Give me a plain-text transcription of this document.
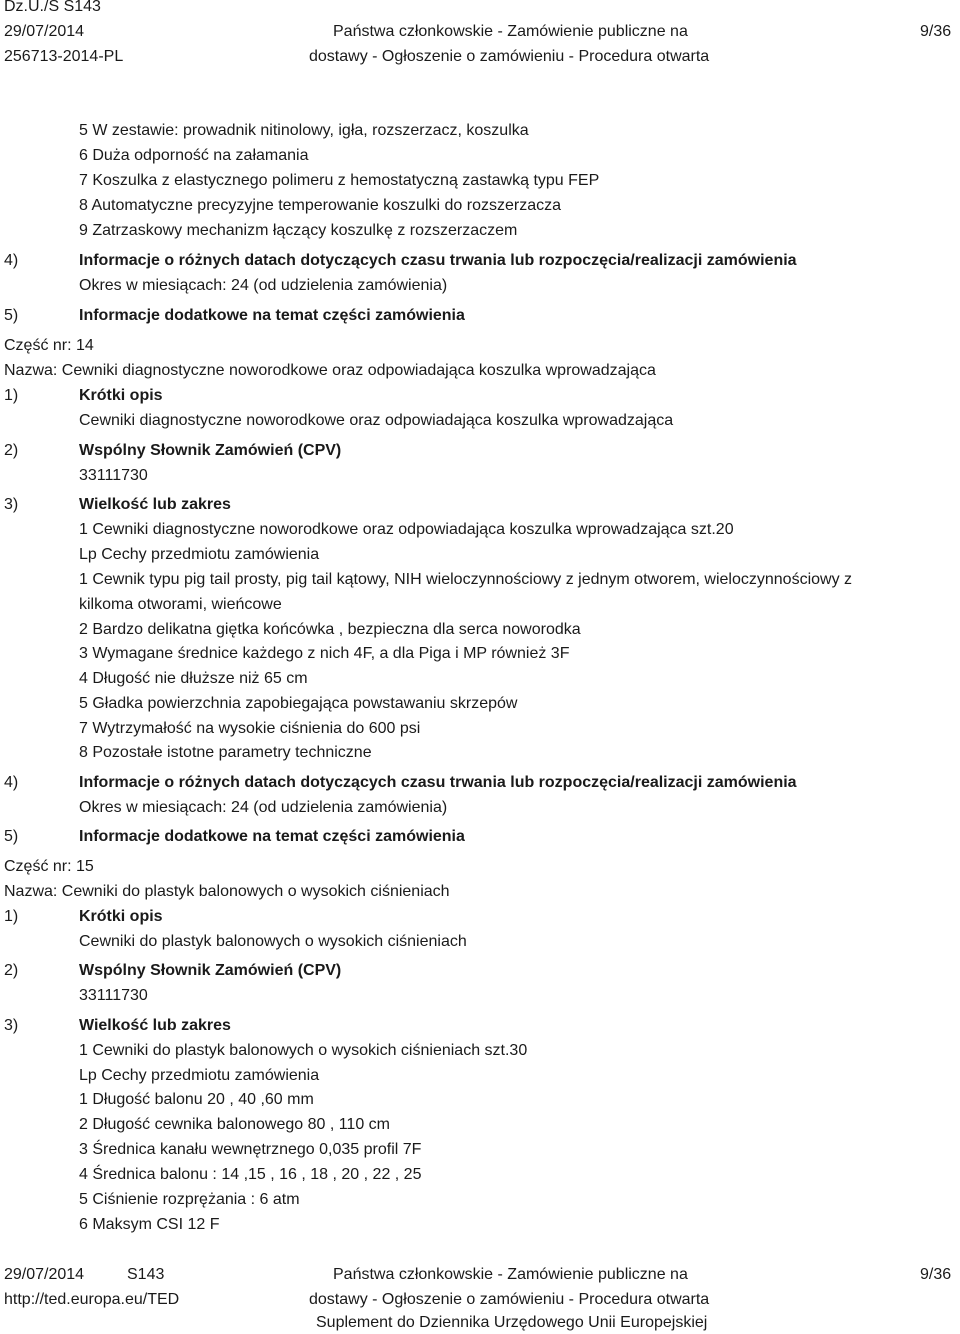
Dz.U./S S143
29/07/2014
256713-2014-PL
Państwa członkowskie - Zamówienie publiczne na
dostawy - Ogłoszenie o zamówieniu - Procedura otwarta
9/36
5 W zestawie: prowadnik nitinolowy, igła, rozszerzacz, koszulka
6 Duża odporność na załamania
7 Koszulka z elastycznego polimeru z hemostatyczną zastawką typu FEP
8 Automatyczne precyzyjne temperowanie koszulki do rozszerzacza
9 Zatrzaskowy mechanizm łączący koszulkę z rozszerzaczem
4)	Informacje o różnych datach dotyczących czasu trwania lub rozpoczęcia/realizacji zamówienia
Okres w miesiącach: 24 (od udzielenia zamówienia)
5)	Informacje dodatkowe na temat części zamówienia
Część nr: 14
Nazwa: Cewniki diagnostyczne noworodkowe oraz odpowiadająca koszulka wprowadzająca
1)	Krótki opis
Cewniki diagnostyczne noworodkowe oraz odpowiadająca koszulka wprowadzająca
2)	Wspólny Słownik Zamówień (CPV)
33111730
3)	Wielkość lub zakres
1 Cewniki diagnostyczne noworodkowe oraz odpowiadająca koszulka wprowadzająca szt.20
Lp Cechy przedmiotu zamówienia
1 Cewnik typu pig tail prosty, pig tail kątowy, NIH wieloczynnościowy z jednym otworem, wieloczynnościowy z
kilkoma otworami, wieńcowe
2 Bardzo delikatna giętka końcówka , bezpieczna dla serca noworodka
3 Wymagane średnice każdego z nich 4F, a dla Piga i MP również 3F
4 Długość nie dłuższe niż 65 cm
5 Gładka powierzchnia zapobiegająca powstawaniu skrzepów
7 Wytrzymałość na wysokie ciśnienia do 600 psi
8 Pozostałe istotne parametry techniczne
4)	Informacje o różnych datach dotyczących czasu trwania lub rozpoczęcia/realizacji zamówienia
Okres w miesiącach: 24 (od udzielenia zamówienia)
5)	Informacje dodatkowe na temat części zamówienia
Część nr: 15
Nazwa: Cewniki do plastyk balonowych o wysokich ciśnieniach
1)	Krótki opis
Cewniki do plastyk balonowych o wysokich ciśnieniach
2)	Wspólny Słownik Zamówień (CPV)
33111730
3)	Wielkość lub zakres
1 Cewniki do plastyk balonowych o wysokich ciśnieniach szt.30
Lp Cechy przedmiotu zamówienia
1 Długość balonu 20 , 40 ,60 mm
2 Długość cewnika balonowego 80 , 110 cm
3 Średnica kanału wewnętrznego 0,035 profil 7F
4 Średnica balonu : 14 ,15 , 16 , 18 , 20 , 22 , 25
5 Ciśnienie rozprężania : 6 atm
6 Maksym CSI 12 F
29/07/2014	S143
http://ted.europa.eu/TED
Państwa członkowskie - Zamówienie publiczne na
dostawy - Ogłoszenie o zamówieniu - Procedura otwarta
Suplement do Dziennika Urzędowego Unii Europejskiej
9/36
